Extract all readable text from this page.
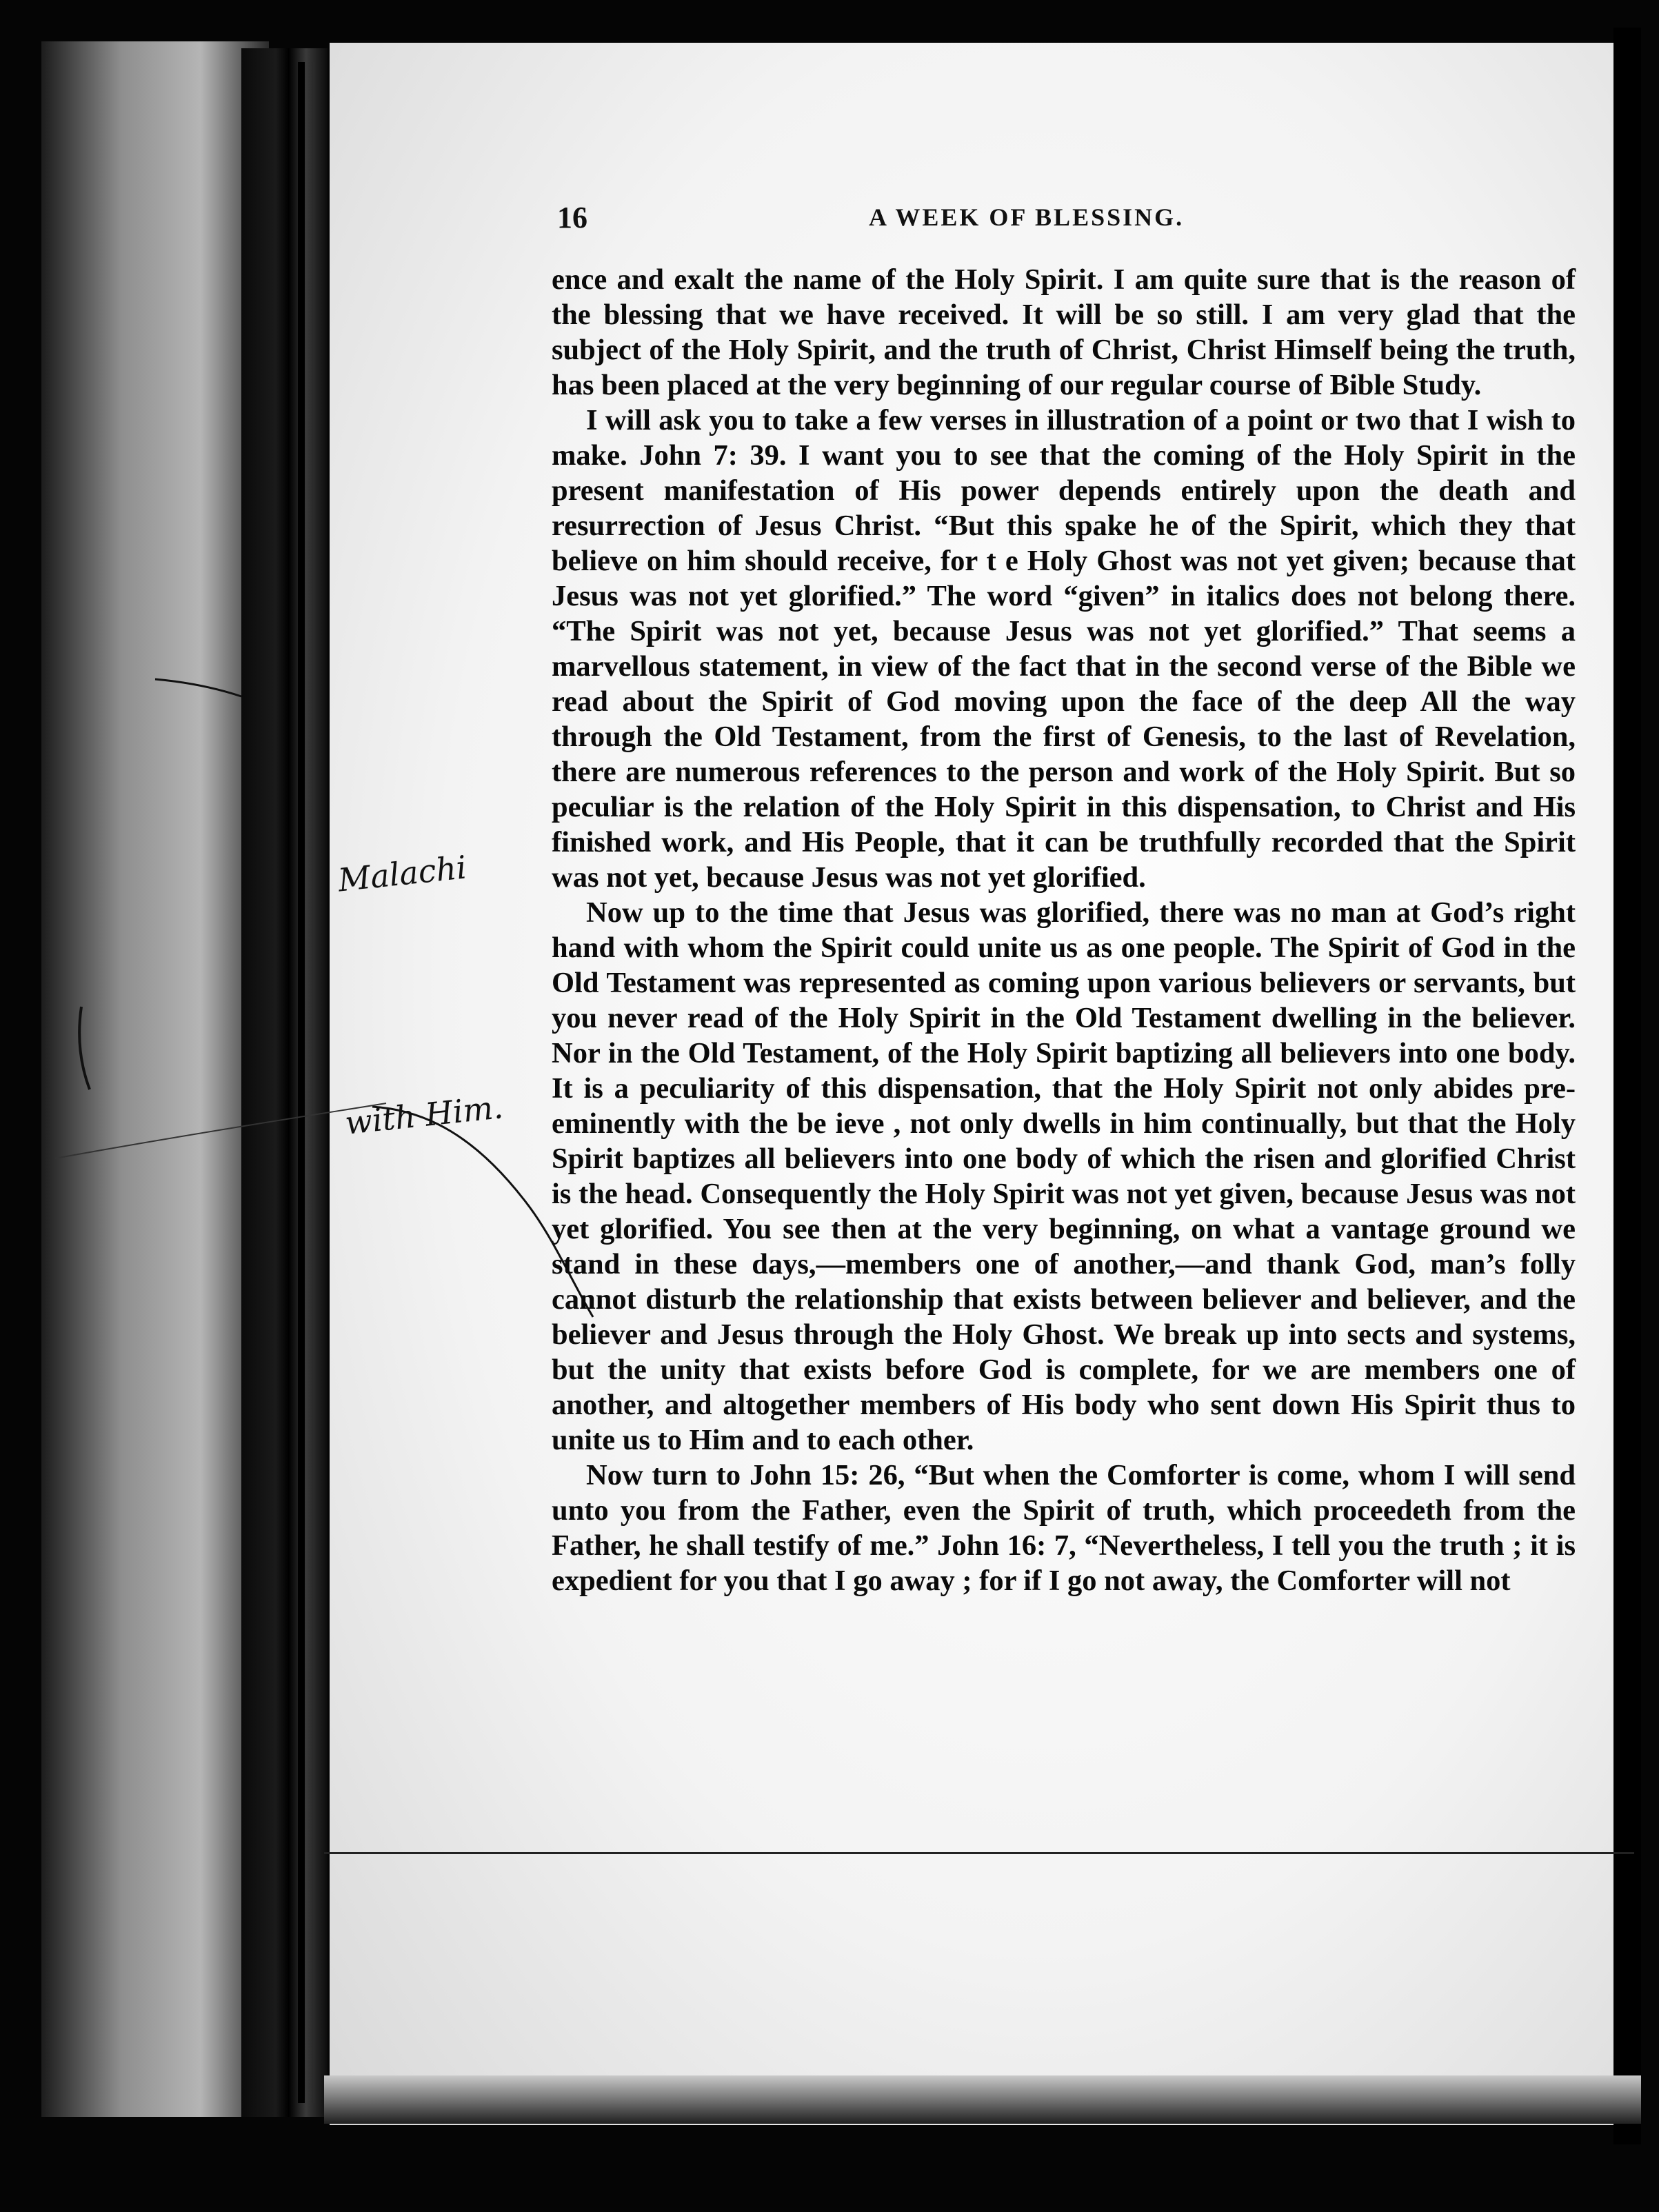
Malachi
with Him.
16	A WEEK OF BLESSING.

ence and exalt the name of the Holy Spirit. I am quite sure that is the reason of the blessing that we have received. It will be so still. I am very glad that the subject of the Holy Spirit, and the truth of Christ, Christ Himself being the truth, has been placed at the very beginning of our regular course of Bible Study.

I will ask you to take a few verses in illustration of a point or two that I wish to make. John 7: 39. I want you to see that the coming of the Holy Spirit in the present manifestation of His power depends entirely upon the death and resurrection of Jesus Christ. “But this spake he of the Spirit, which they that believe on him should receive, for t e Holy Ghost was not yet given; because that Jesus was not yet glorified.” The word “given” in italics does not belong there. “The Spirit was not yet, because Jesus was not yet glorified.” That seems a marvellous statement, in view of the fact that in the second verse of the Bible we read about the Spirit of God moving upon the face of the deep All the way through the Old Testament, from the first of Genesis, to the last of Revelation, there are numerous references to the person and work of the Holy Spirit. But so peculiar is the relation of the Holy Spirit in this dispensation, to Christ and His finished work, and His People, that it can be truthfully recorded that the Spirit was not yet, because Jesus was not yet glorified.

Now up to the time that Jesus was glorified, there was no man at God’s right hand with whom the Spirit could unite us as one people. The Spirit of God in the Old Testament was represented as coming upon various believers or servants, but you never read of the Holy Spirit in the Old Testament dwelling in the believer. Nor in the Old Testament, of the Holy Spirit baptizing all believers into one body. It is a peculiarity of this dispensation, that the Holy Spirit not only abides pre-eminently with the be ieve , not only dwells in him continually, but that the Holy Spirit baptizes all believers into one body of which the risen and glorified Christ is the head. Consequently the Holy Spirit was not yet given, because Jesus was not yet glorified. You see then at the very beginning, on what a vantage ground we stand in these days,—members one of another,—and thank God, man’s folly cannot disturb the relationship that exists between believer and believer, and the believer and Jesus through the Holy Ghost. We break up into sects and systems, but the unity that exists before God is complete, for we are members one of another, and altogether members of His body who sent down His Spirit thus to unite us to Him and to each other.

Now turn to John 15: 26, “But when the Comforter is come, whom I will send unto you from the Father, even the Spirit of truth, which proceedeth from the Father, he shall testify of me.” John 16: 7, “Nevertheless, I tell you the truth ; it is expedient for you that I go away ; for if I go not away, the Comforter will not
